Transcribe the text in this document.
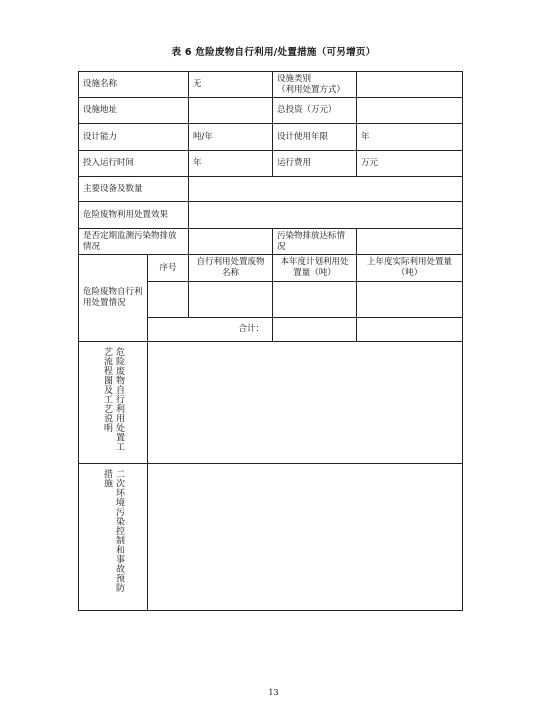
表 6 危险废物自行利用/处置措施（可另增页）
设施名称		无	设施类别
（利用处置方式）	
设施地址			总投资（万元）	
设计能力		吨/年	设计使用年限	年
投入运行时间		年	运行费用	万元
主要设备及数量				
危险废物利用处置效果				
是否定期监测污染物排放情况			污染物排放达标情况	
危险废物自行利用处置情况	序号	自行利用处置废物名称	本年度计划利用处置量（吨）	上年度实际利用处置量（吨）

	合计：			
危险废物自行利用处置工艺流程图及工艺说明				
二次环境污染控制和事故预防措施				
13
